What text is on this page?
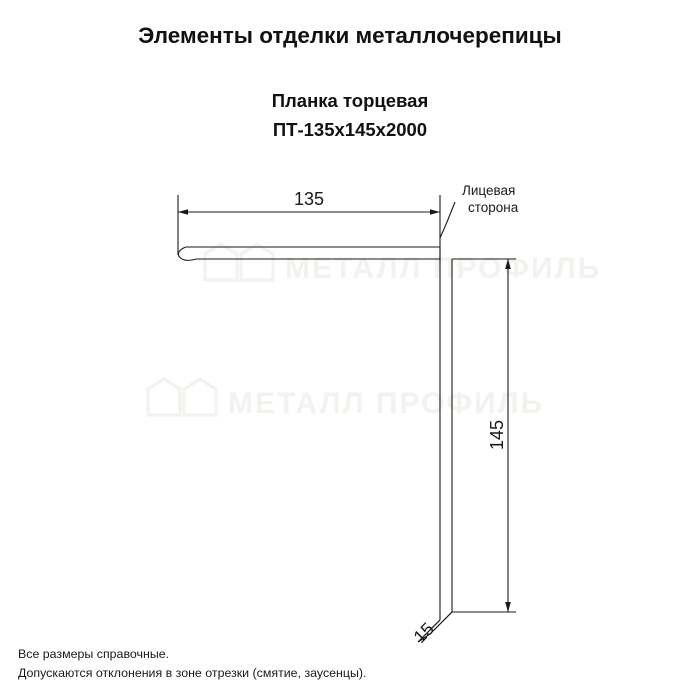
Элементы отделки металлочерепицы

Планка торцевая

ПТ-135х145х2000

МЕТАЛЛ ПРОФИЛЬ
МЕТАЛЛ ПРОФИЛЬ
135
145
15
Лицевая
сторона
Все размеры справочные.
Допускаются отклонения в зоне отрезки (смятие, заусенцы).
